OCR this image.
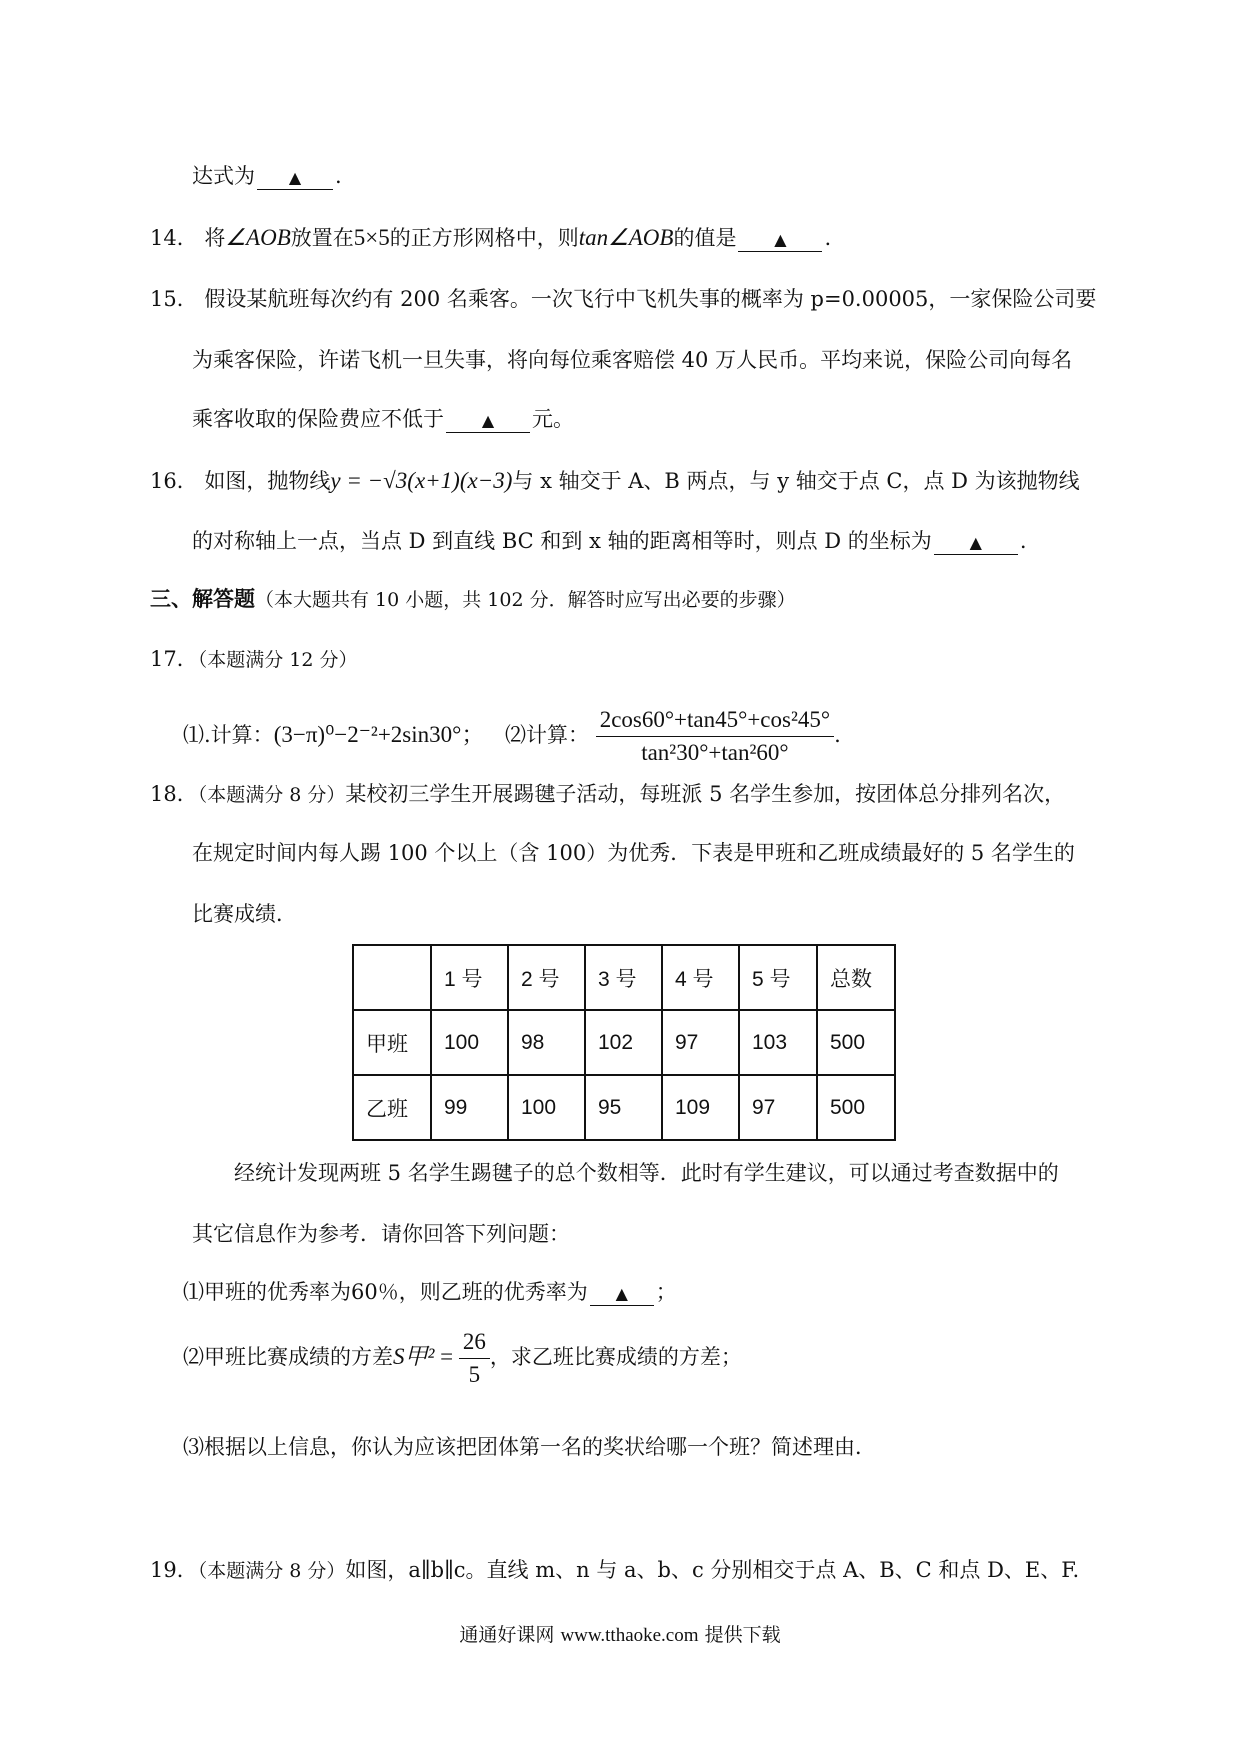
达式为 ▲ .
14． 将∠AOB放置在5×5的正方形网格中，则tan∠AOB的值是 ▲ .
15． 假设某航班每次约有 200 名乘客。一次飞行中飞机失事的概率为 p=0.00005，一家保险公司要
为乘客保险，许诺飞机一旦失事，将向每位乘客赔偿 40 万人民币。平均来说，保险公司向每名
乘客收取的保险费应不低于 ▲ 元。
16． 如图，抛物线y = −√3(x+1)(x−3)与 x 轴交于 A、B 两点，与 y 轴交于点 C，点 D 为该抛物线
的对称轴上一点，当点 D 到直线 BC 和到 x 轴的距离相等时，则点 D 的坐标为 ▲ .
三、解答题（本大题共有 10 小题，共 102 分．解答时应写出必要的步骤）
17．（本题满分 12 分）
⑴.计算：(3−π)⁰−2⁻²+2sin30°； ⑵计算： $\frac{\text{2cos60°+tan45°+cos²45°}}{\text{tan²30°+tan²60°}}$ .
18．（本题满分 8 分）某校初三学生开展踢毽子活动，每班派 5 名学生参加，按团体总分排列名次，
在规定时间内每人踢 100 个以上（含 100）为优秀．下表是甲班和乙班成绩最好的 5 名学生的
比赛成绩．
	1 号	2 号	3 号	4 号	5 号	总数
甲班	100	98	102	97	103	500
乙班	99	100	95	109	97	500
经统计发现两班 5 名学生踢毽子的总个数相等．此时有学生建议，可以通过考查数据中的
其它信息作为参考．请你回答下列问题：
⑴甲班的优秀率为60％，则乙班的优秀率为 ▲ ；
⑵甲班比赛成绩的方差S甲$^2 = \frac{26}{5}$ ，求乙班比赛成绩的方差；
⑶根据以上信息，你认为应该把团体第一名的奖状给哪一个班？简述理由．
19．（本题满分 8 分）如图，a∥b∥c。直线 m、n 与 a、b、c 分别相交于点 A、B、C 和点 D、E、F.
通通好课网 www.tthaoke.com 提供下载
